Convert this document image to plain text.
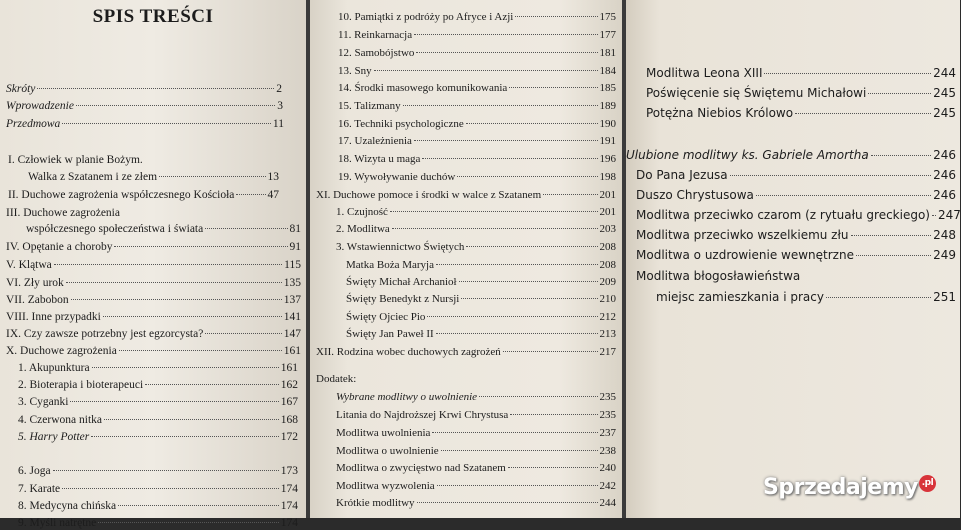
SPIS TREŚCI
Skróty	2
Wprowadzenie	3
Przedmowa	11
I. Człowiek w planie Bożym.
Walka z Szatanem i ze złem	13
II. Duchowe zagrożenia współczesnego Kościoła	47
III. Duchowe zagrożenia
współczesnego społeczeństwa i świata	81
IV. Opętanie a choroby	91
V. Klątwa	115
VI. Zły urok	135
VII. Zabobon	137
VIII. Inne przypadki	141
IX. Czy zawsze potrzebny jest egzorcysta?	147
X. Duchowe zagrożenia	161
1. Akupunktura	161
2. Bioterapia i bioterapeuci	162
3. Cyganki	167
4. Czerwona nitka	168
5. Harry Potter	172
6. Joga	173
7. Karate	174
8. Medycyna chińska	174
9. Myśli natrętne	174
10. Pamiątki z podróży po Afryce i Azji	175
11. Reinkarnacja	177
12. Samobójstwo	181
13. Sny	184
14. Środki masowego komunikowania	185
15. Talizmany	189
16. Techniki psychologiczne	190
17. Uzależnienia	191
18. Wizyta u maga	196
19. Wywoływanie duchów	198
XI. Duchowe pomoce i środki w walce z Szatanem	201
1. Czujność	201
2. Modlitwa	203
3. Wstawiennictwo Świętych	208
Matka Boża Maryja	208
Święty Michał Archanioł	209
Święty Benedykt z Nursji	210
Święty Ojciec Pio	212
Święty Jan Paweł II	213
XII. Rodzina wobec duchowych zagrożeń	217
Dodatek:
Wybrane modlitwy o uwolnienie	235
Litania do Najdroższej Krwi Chrystusa	235
Modlitwa uwolnienia	237
Modlitwa o uwolnienie	238
Modlitwa o zwycięstwo nad Szatanem	240
Modlitwa wyzwolenia	242
Krótkie modlitwy	244
Modlitwa Leona XIII	244
Poświęcenie się Świętemu Michałowi	245
Potężna Niebios Królowo	245
Ulubione modlitwy ks. Gabriele Amortha	246
Do Pana Jezusa	246
Duszo Chrystusowa	246
Modlitwa przeciwko czarom (z rytuału greckiego) 247
Modlitwa przeciwko wszelkiemu złu	248
Modlitwa o uzdrowienie wewnętrzne	249
Modlitwa błogosławieństwa
miejsc zamieszkania i pracy	251
Sprzedajemy .pl
